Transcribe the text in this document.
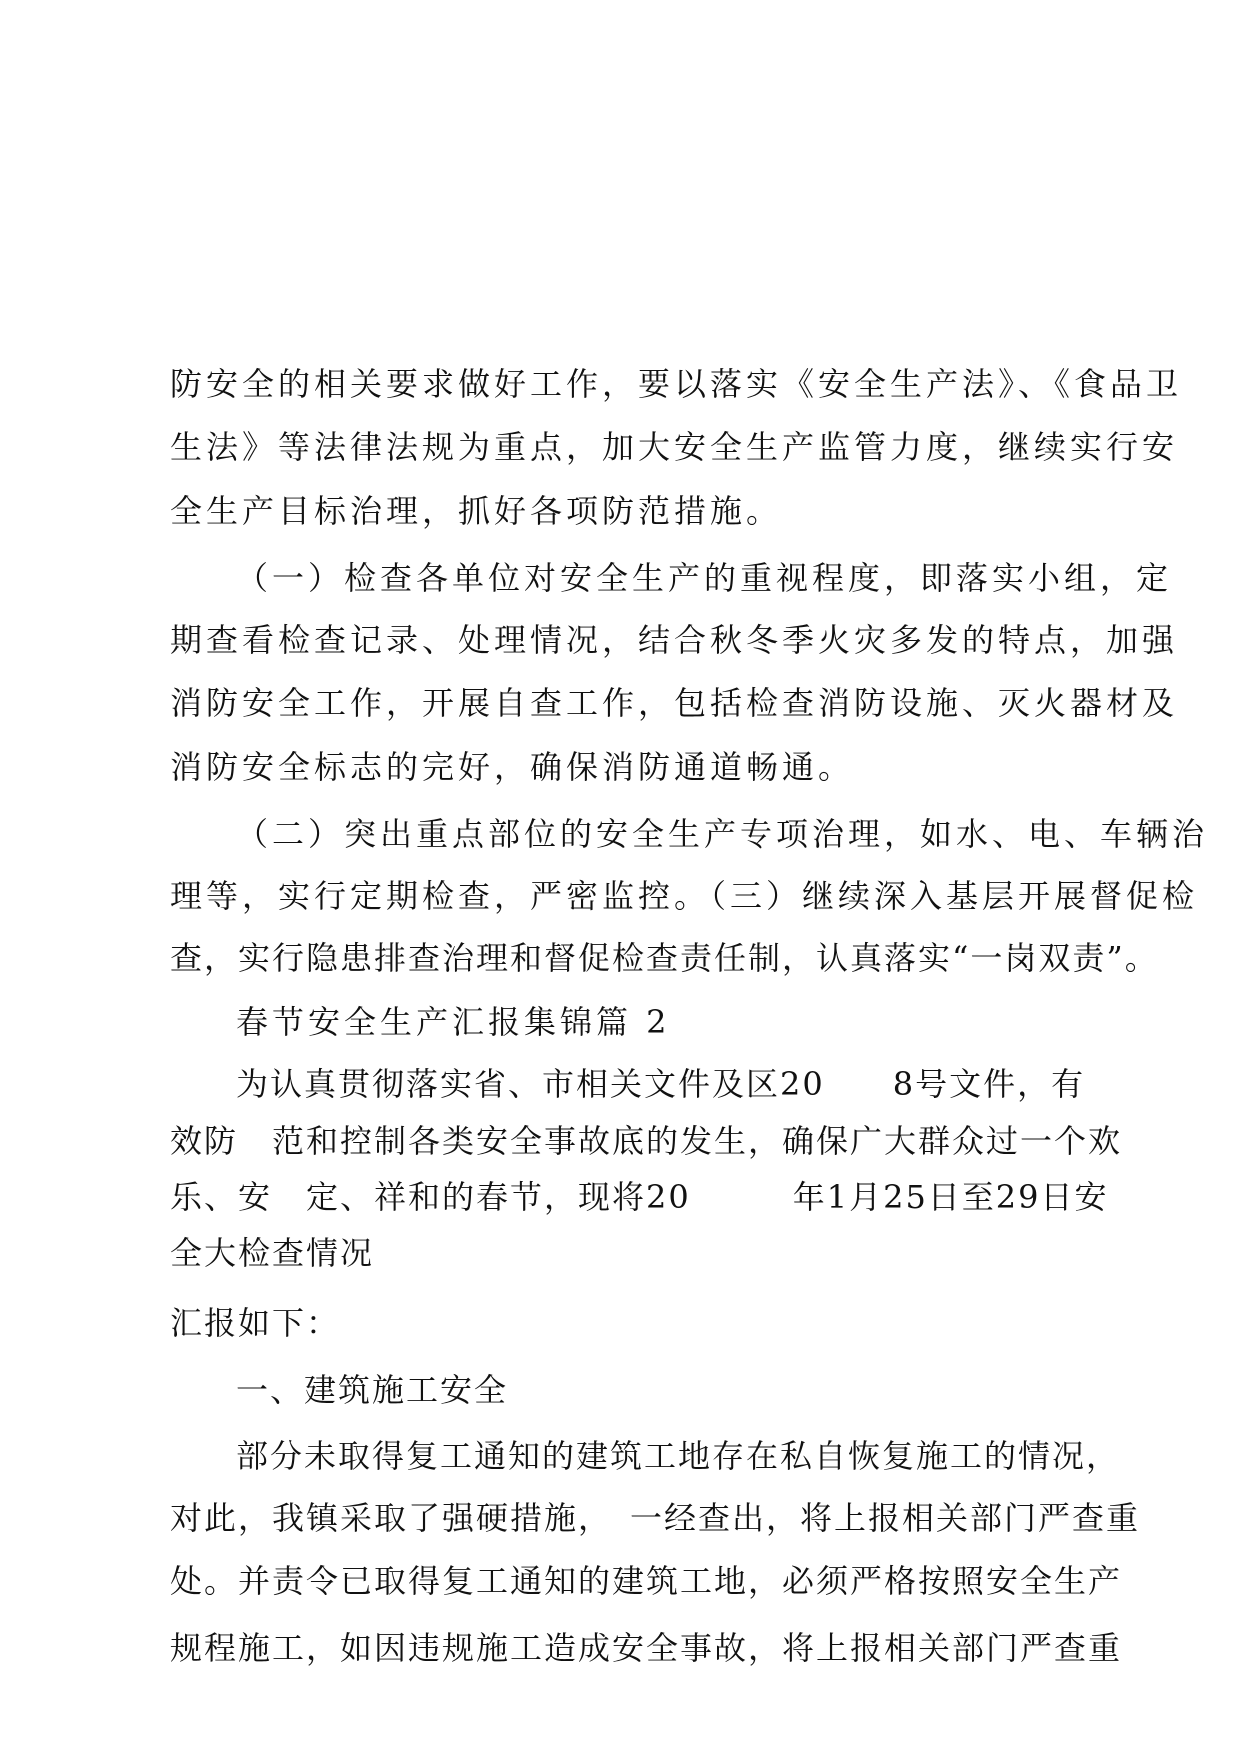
防安全的相关要求做好工作，要以落实《安全生产法》、《食品卫
生法》等法律法规为重点，加大安全生产监管力度，继续实行安
全生产目标治理，抓好各项防范措施。
（一）检查各单位对安全生产的重视程度，即落实小组，定
期查看检查记录、处理情况，结合秋冬季火灾多发的特点，加强
消防安全工作，开展自查工作，包括检查消防设施、灭火器材及
消防安全标志的完好，确保消防通道畅通。
（二）突出重点部位的安全生产专项治理，如水、电、车辆治
理等，实行定期检查，严密监控。（三）继续深入基层开展督促检
查，实行隐患排查治理和督促检查责任制，认真落实“一岗双责”。
春节安全生产汇报集锦篇 2
为认真贯彻落实省、市相关文件及区20　　8号文件，有
效防　范和控制各类安全事故底的发生，确保广大群众过一个欢
乐、安　定、祥和的春节，现将20　　　年1月25日至29日安
全大检查情况
汇报如下：
一、建筑施工安全
部分未取得复工通知的建筑工地存在私自恢复施工的情况，
对此，我镇采取了强硬措施，　一经查出，将上报相关部门严查重
处。并责令已取得复工通知的建筑工地，必须严格按照安全生产
规程施工，如因违规施工造成安全事故，将上报相关部门严查重
